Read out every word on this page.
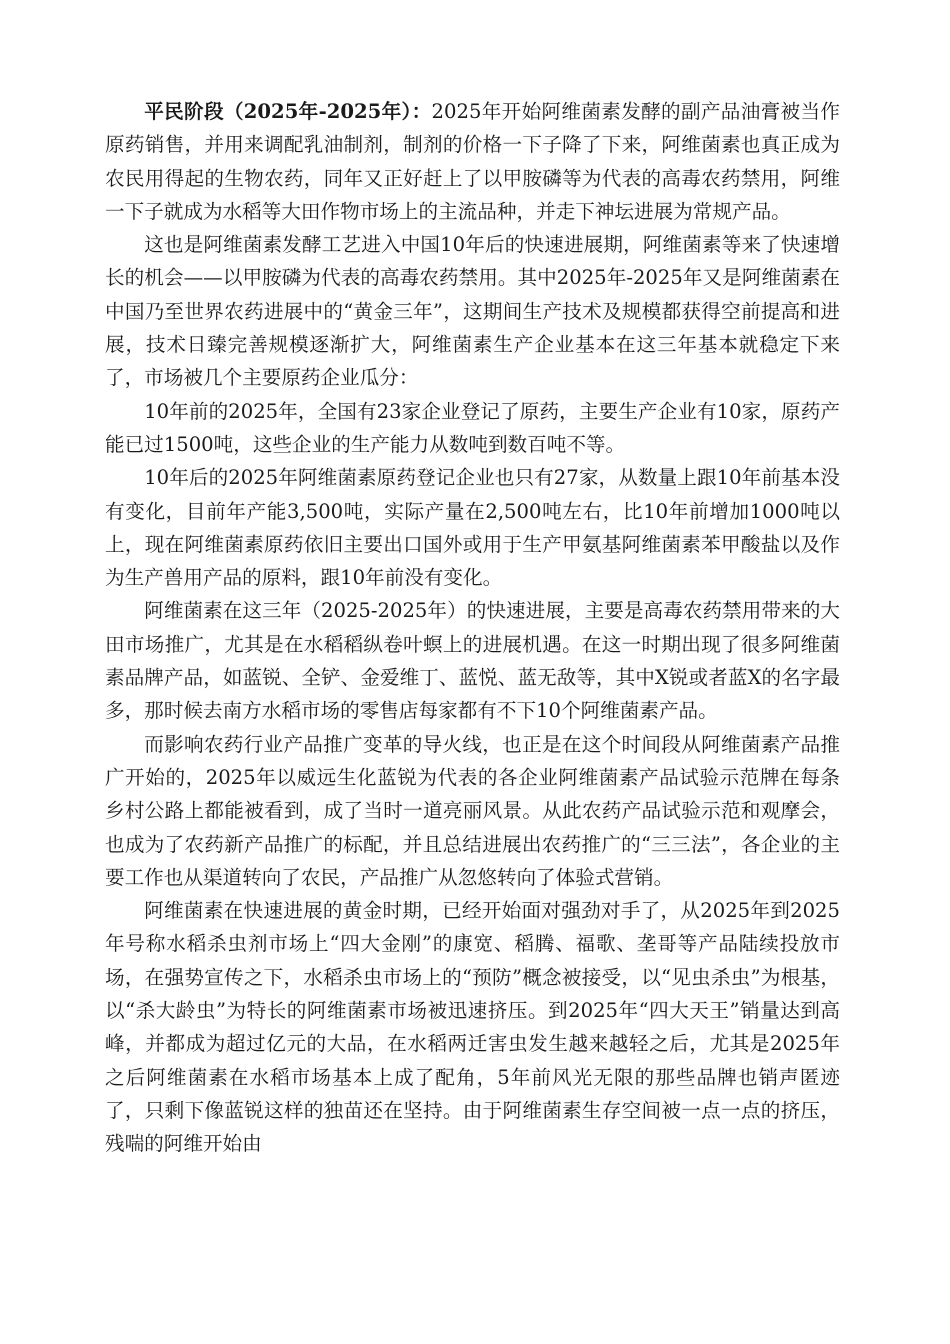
平民阶段（2025年-2025年）：2025年开始阿维菌素发酵的副产品油膏被当作原药销售，并用来调配乳油制剂，制剂的价格一下子降了下来，阿维菌素也真正成为农民用得起的生物农药，同年又正好赶上了以甲胺磷等为代表的高毒农药禁用，阿维一下子就成为水稻等大田作物市场上的主流品种，并走下神坛进展为常规产品。

这也是阿维菌素发酵工艺进入中国10年后的快速进展期，阿维菌素等来了快速增长的机会——以甲胺磷为代表的高毒农药禁用。其中2025年-2025年又是阿维菌素在中国乃至世界农药进展中的“黄金三年”，这期间生产技术及规模都获得空前提高和进展，技术日臻完善规模逐渐扩大，阿维菌素生产企业基本在这三年基本就稳定下来了，市场被几个主要原药企业瓜分：

10年前的2025年，全国有23家企业登记了原药，主要生产企业有10家，原药产能已过1500吨，这些企业的生产能力从数吨到数百吨不等。

10年后的2025年阿维菌素原药登记企业也只有27家，从数量上跟10年前基本没有变化，目前年产能3,500吨，实际产量在2,500吨左右，比10年前增加1000吨以上，现在阿维菌素原药依旧主要出口国外或用于生产甲氨基阿维菌素苯甲酸盐以及作为生产兽用产品的原料，跟10年前没有变化。

阿维菌素在这三年（2025-2025年）的快速进展，主要是高毒农药禁用带来的大田市场推广，尤其是在水稻稻纵卷叶螟上的进展机遇。在这一时期出现了很多阿维菌素品牌产品，如蓝锐、全铲、金爱维丁、蓝悦、蓝无敌等，其中X锐或者蓝X的名字最多，那时候去南方水稻市场的零售店每家都有不下10个阿维菌素产品。

而影响农药行业产品推广变革的导火线，也正是在这个时间段从阿维菌素产品推广开始的，2025年以威远生化蓝锐为代表的各企业阿维菌素产品试验示范牌在每条乡村公路上都能被看到，成了当时一道亮丽风景。从此农药产品试验示范和观摩会，也成为了农药新产品推广的标配，并且总结进展出农药推广的“三三法”，各企业的主要工作也从渠道转向了农民，产品推广从忽悠转向了体验式营销。

阿维菌素在快速进展的黄金时期，已经开始面对强劲对手了，从2025年到2025年号称水稻杀虫剂市场上“四大金刚”的康宽、稻腾、福歌、垄哥等产品陆续投放市场，在强势宣传之下，水稻杀虫市场上的“预防”概念被接受，以“见虫杀虫”为根基，以“杀大龄虫”为特长的阿维菌素市场被迅速挤压。到2025年“四大天王”销量达到高峰，并都成为超过亿元的大品，在水稻两迁害虫发生越来越轻之后，尤其是2025年之后阿维菌素在水稻市场基本上成了配角，5年前风光无限的那些品牌也销声匿迹了，只剩下像蓝锐这样的独苗还在坚持。由于阿维菌素生存空间被一点一点的挤压，残喘的阿维开始由
